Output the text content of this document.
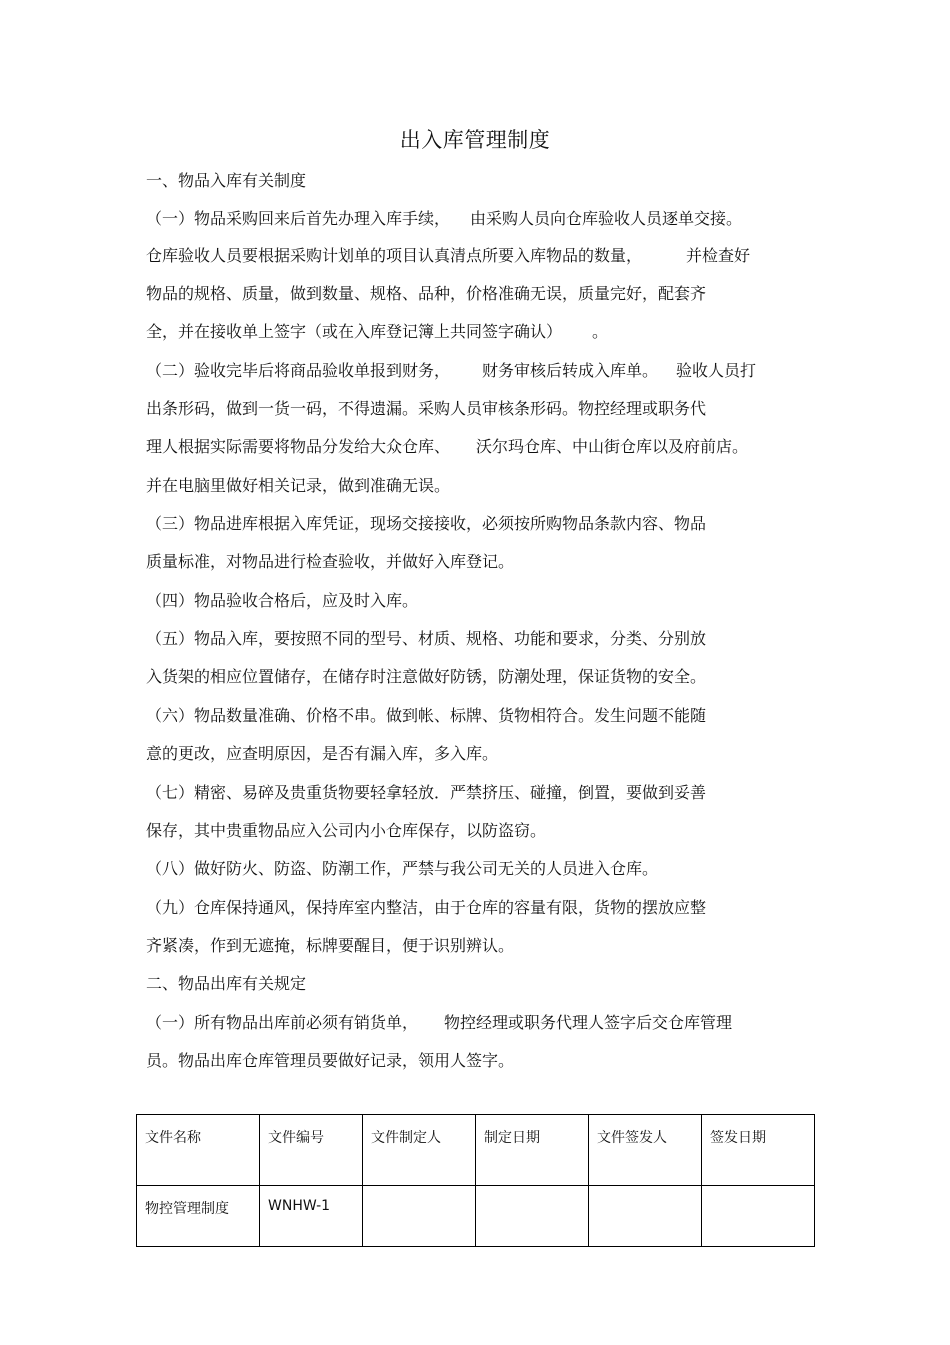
出入库管理制度
一、物品入库有关制度
（一）物品采购回来后首先办理入库手续， 由采购人员向仓库验收人员逐单交接。
仓库验收人员要根据采购计划单的项目认真清点所要入库物品的数量，	并检查好
物品的规格、质量，做到数量、规格、品种，价格准确无误，质量完好，配套齐
全，并在接收单上签字（或在入库登记簿上共同签字确认） 。
（二）验收完毕后将商品验收单报到财务， 财务审核后转成入库单。 验收人员打
出条形码，做到一货一码，不得遗漏。采购人员审核条形码。物控经理或职务代
理人根据实际需要将物品分发给大众仓库、 沃尔玛仓库、中山街仓库以及府前店。
并在电脑里做好相关记录，做到准确无误。
（三）物品进库根据入库凭证，现场交接接收，必须按所购物品条款内容、物品
质量标准，对物品进行检查验收，并做好入库登记。
（四）物品验收合格后，应及时入库。
（五）物品入库，要按照不同的型号、材质、规格、功能和要求，分类、分别放
入货架的相应位置储存，在储存时注意做好防锈，防潮处理，保证货物的安全。
（六）物品数量准确、价格不串。做到帐、标牌、货物相符合。发生问题不能随
意的更改，应查明原因，是否有漏入库，多入库。
（七）精密、易碎及贵重货物要轻拿轻放．严禁挤压、碰撞，倒置，要做到妥善
保存，其中贵重物品应入公司内小仓库保存，以防盗窃。
（八）做好防火、防盗、防潮工作，严禁与我公司无关的人员进入仓库。
（九）仓库保持通风，保持库室内整洁，由于仓库的容量有限，货物的摆放应整
齐紧凑，作到无遮掩，标牌要醒目，便于识别辨认。
二、物品出库有关规定
（一）所有物品出库前必须有销货单， 物控经理或职务代理人签字后交仓库管理
员。物品出库仓库管理员要做好记录，领用人签字。
文件名称	文件编号	文件制定人	制定日期	文件签发人	签发日期
物控管理制度	WNHW-1				
